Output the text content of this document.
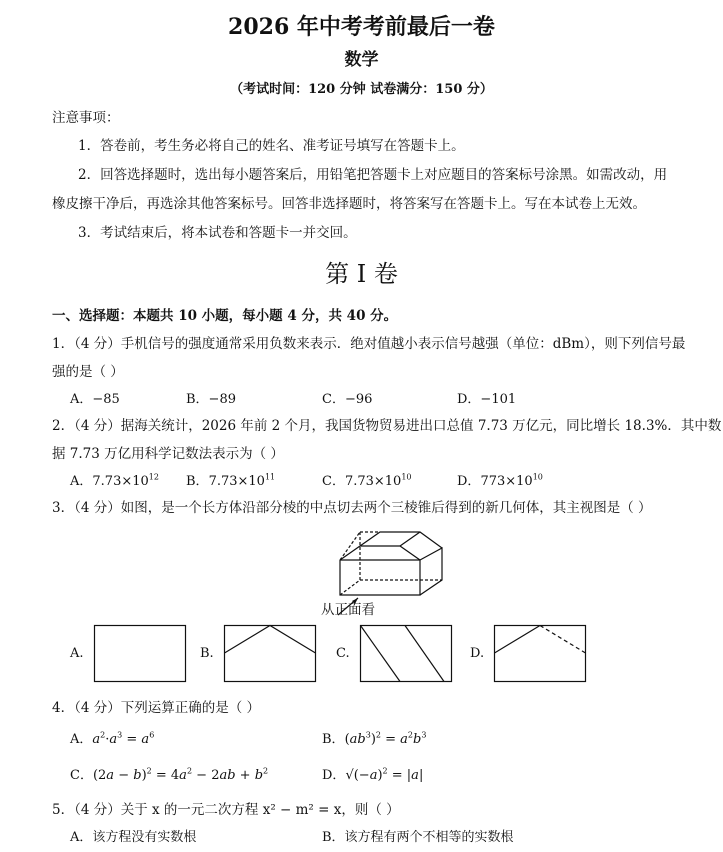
2026 年中考考前最后一卷
数学
（考试时间：120 分钟 试卷满分：150 分）
注意事项：
1．答卷前，考生务必将自己的姓名、准考证号填写在答题卡上。
2．回答选择题时，选出每小题答案后，用铅笔把答题卡上对应题目的答案标号涂黑。如需改动，用
橡皮擦干净后，再选涂其他答案标号。回答非选择题时，将答案写在答题卡上。写在本试卷上无效。
3．考试结束后，将本试卷和答题卡一并交回。
第 I 卷
一、选择题：本题共 10 小题，每小题 4 分，共 40 分。
1．（4 分）手机信号的强度通常采用负数来表示．绝对值越小表示信号越强（单位：dBm），则下列信号最
强的是（ ）
A．−85	B．−89	C．−96	D．−101
2．（4 分）据海关统计，2026 年前 2 个月，我国货物贸易进出口总值 7.73 万亿元，同比增长 18.3%．其中数
据 7.73 万亿用科学记数法表示为（ ）
A．$7.73\times 10^{12}$ B．$7.73\times 10^{11}$	C．$7.73\times 10^{10}$	D．$773\times 10^{10}$
3．（4 分）如图，是一个长方体沿部分棱的中点切去两个三棱锥后得到的新几何体，其主视图是（ ）
从正面看
A.	B.	C.	D.
4．（4 分）下列运算正确的是（ ）
A．$a^2\cdot a^3 = a^6$	B．$(ab^3)^2 = a^2b^3$
C．$(2a - b)^2 = 4a^2 - 2ab + b^2$	D．$√(-a)^2 = |a|$
5．（4 分）关于 x 的一元二次方程 x² − m² = x，则（ ）
A．该方程没有实数根	B．该方程有两个不相等的实数根
